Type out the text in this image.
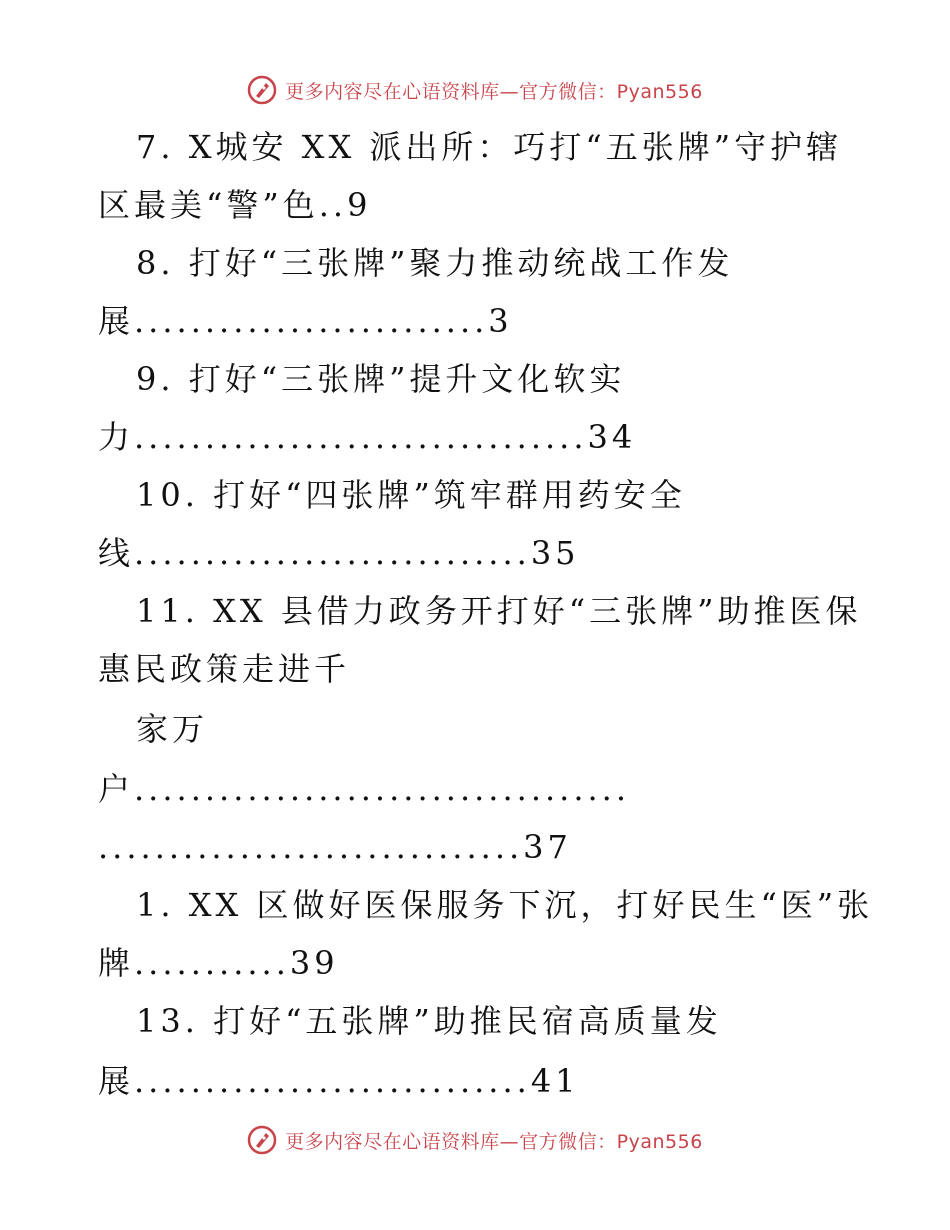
更多内容尽在心语资料库—官方微信：Pyan556
7. X城安 XX 派出所：巧打“五张牌”守护辖
区最美“警”色..9
8. 打好“三张牌”聚力推动统战工作发
展.........................3
9. 打好“三张牌”提升文化软实
力................................34
10. 打好“四张牌”筑牢群用药安全
线............................35
11. XX 县借力政务开打好“三张牌”助推医保
惠民政策走进千
家万
户...................................
..............................37
1. XX 区做好医保服务下沉，打好民生“医”张
牌...........39
13. 打好“五张牌”助推民宿高质量发
展............................41
更多内容尽在心语资料库—官方微信：Pyan556
